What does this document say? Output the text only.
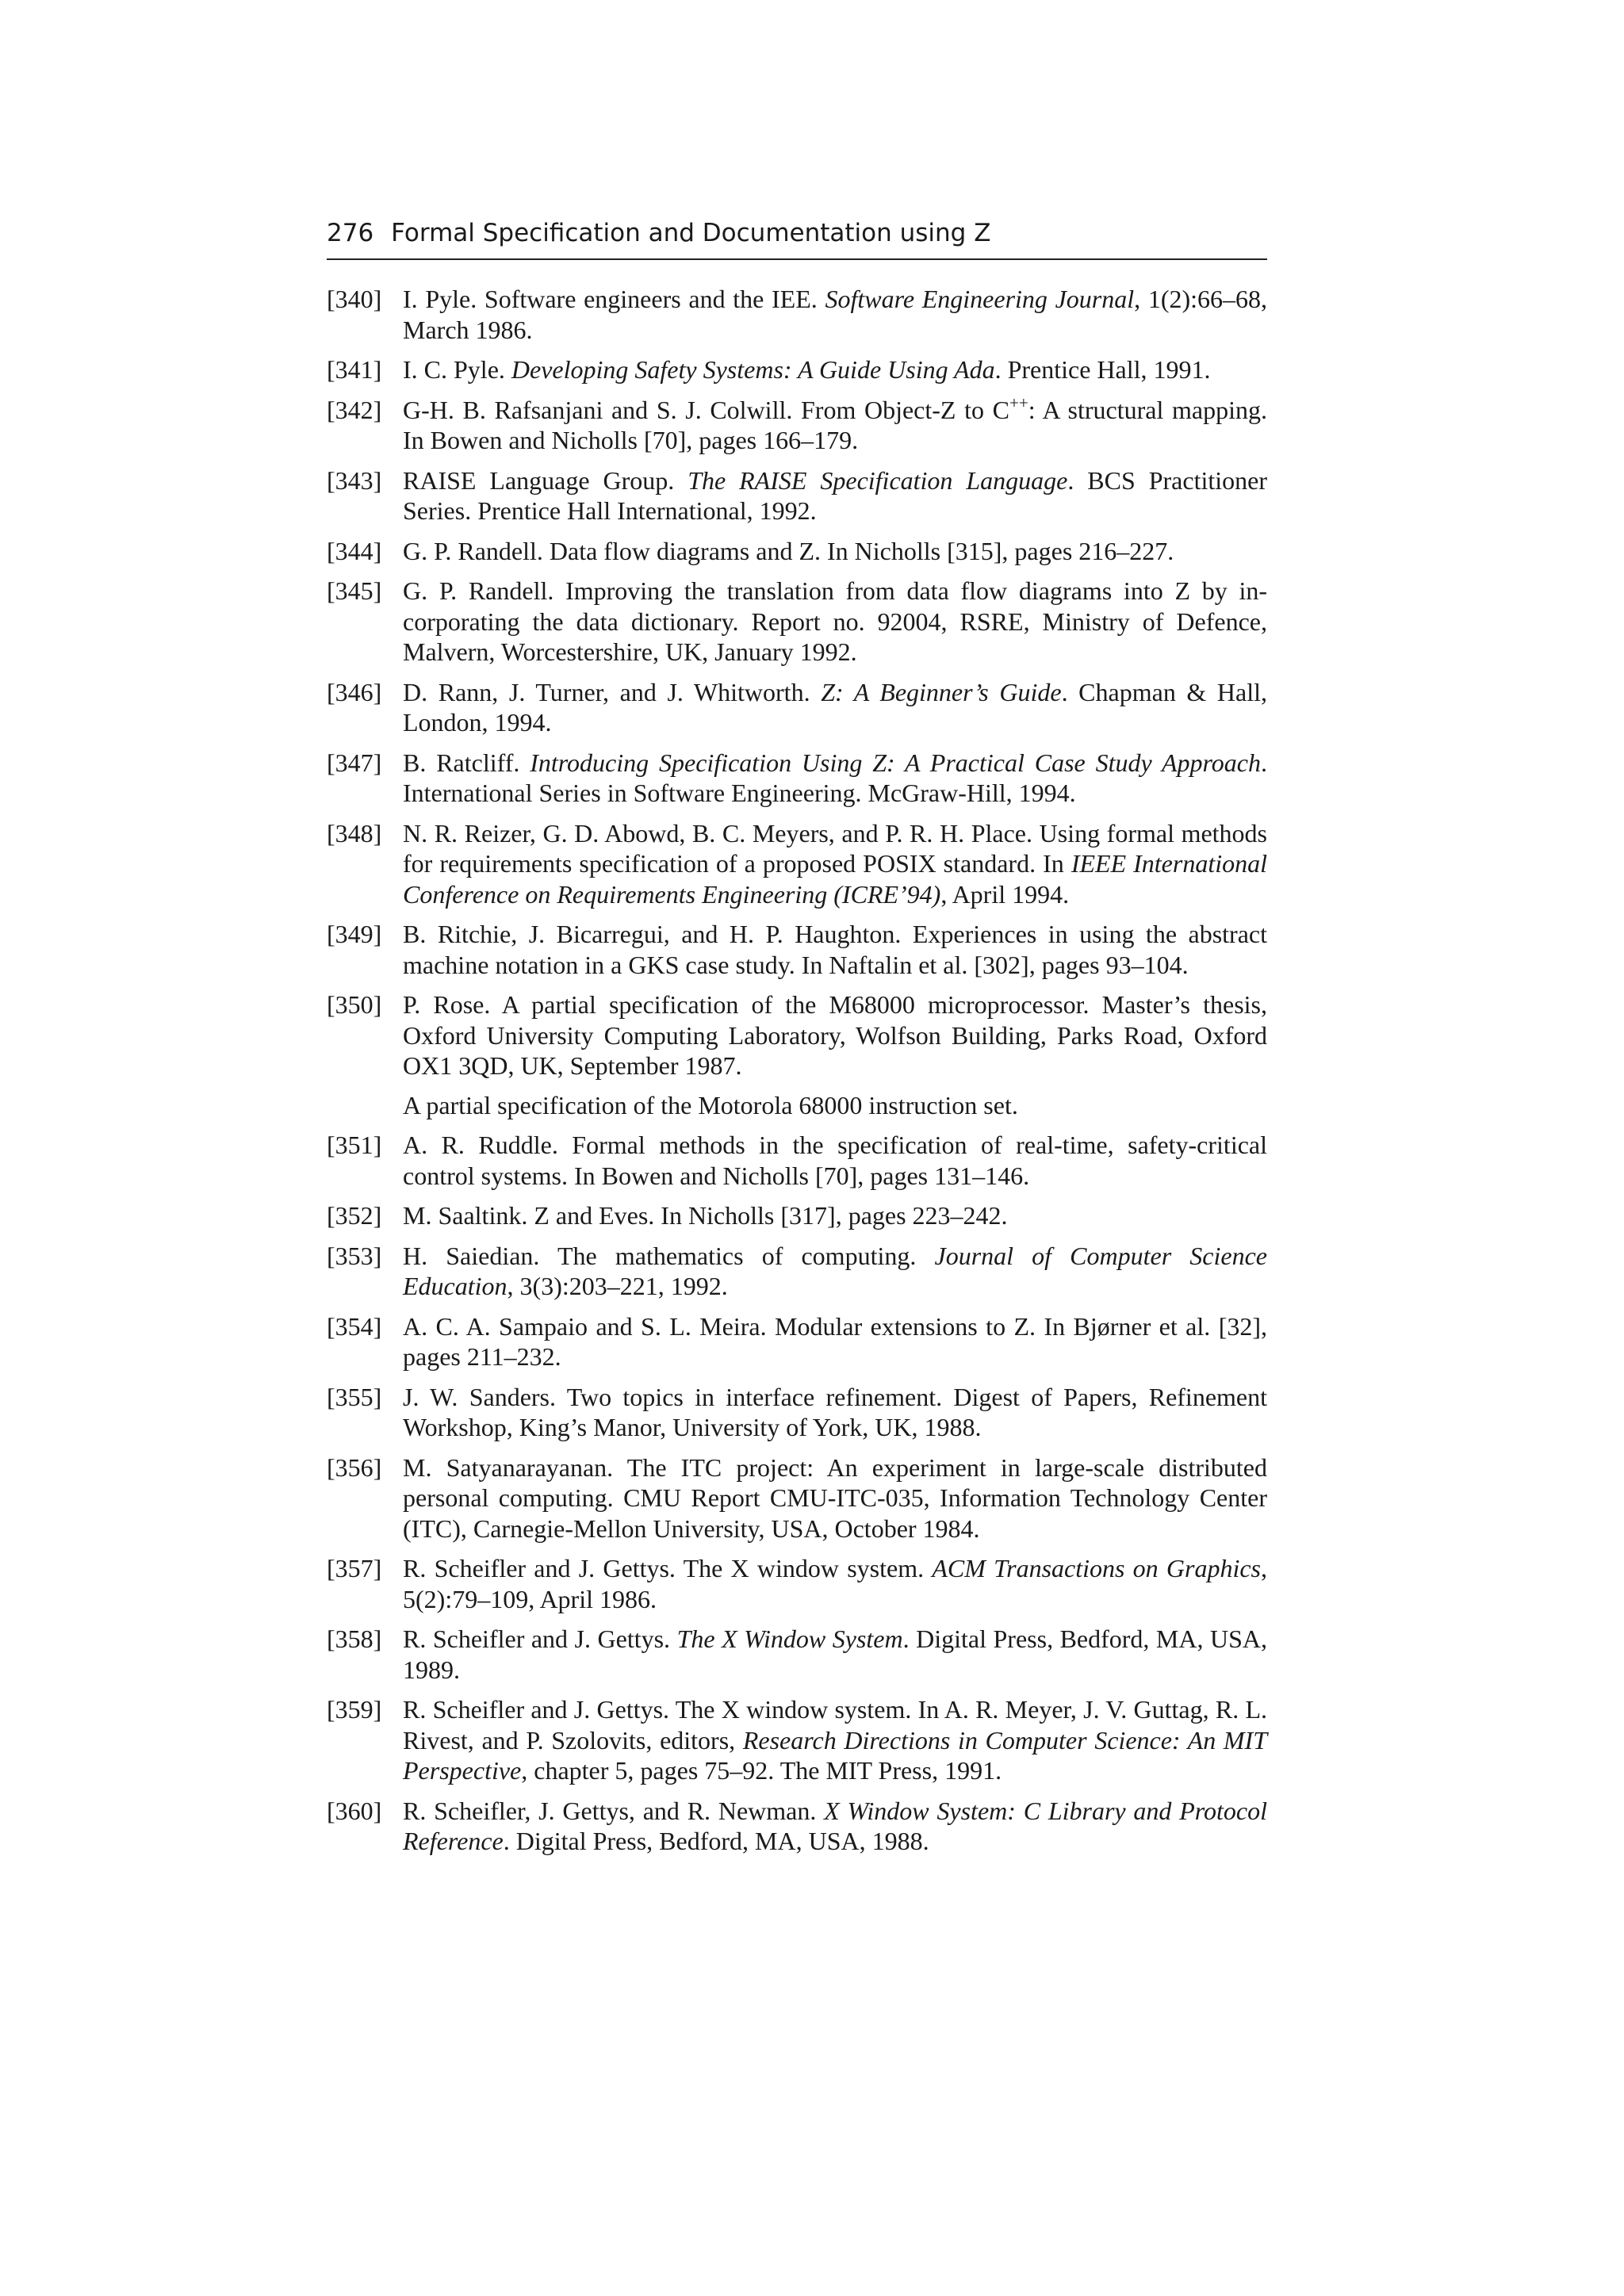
276 Formal Specification and Documentation using Z
[340] I. Pyle. Software engineers and the IEE. Software Engineering Journal, 1(2):66–68, March 1986.
[341] I. C. Pyle. Developing Safety Systems: A Guide Using Ada. Prentice Hall, 1991.
[342] G-H. B. Rafsanjani and S. J. Colwill. From Object-Z to C++: A structural mapping. In Bowen and Nicholls [70], pages 166–179.
[343] RAISE Language Group. The RAISE Specification Language. BCS Practitioner Series. Prentice Hall International, 1992.
[344] G. P. Randell. Data flow diagrams and Z. In Nicholls [315], pages 216–227.
[345] G. P. Randell. Improving the translation from data flow diagrams into Z by incorporating the data dictionary. Report no. 92004, RSRE, Ministry of Defence, Malvern, Worcestershire, UK, January 1992.
[346] D. Rann, J. Turner, and J. Whitworth. Z: A Beginner’s Guide. Chapman & Hall, London, 1994.
[347] B. Ratcliff. Introducing Specification Using Z: A Practical Case Study Approach. International Series in Software Engineering. McGraw-Hill, 1994.
[348] N. R. Reizer, G. D. Abowd, B. C. Meyers, and P. R. H. Place. Using formal methods for requirements specification of a proposed POSIX standard. In IEEE International Conference on Requirements Engineering (ICRE’94), April 1994.
[349] B. Ritchie, J. Bicarregui, and H. P. Haughton. Experiences in using the abstract machine notation in a GKS case study. In Naftalin et al. [302], pages 93–104.
[350] P. Rose. A partial specification of the M68000 microprocessor. Master’s thesis, Oxford University Computing Laboratory, Wolfson Building, Parks Road, Oxford OX1 3QD, UK, September 1987.
A partial specification of the Motorola 68000 instruction set.
[351] A. R. Ruddle. Formal methods in the specification of real-time, safety-critical control systems. In Bowen and Nicholls [70], pages 131–146.
[352] M. Saaltink. Z and Eves. In Nicholls [317], pages 223–242.
[353] H. Saiedian. The mathematics of computing. Journal of Computer Science Education, 3(3):203–221, 1992.
[354] A. C. A. Sampaio and S. L. Meira. Modular extensions to Z. In Bjørner et al. [32], pages 211–232.
[355] J. W. Sanders. Two topics in interface refinement. Digest of Papers, Refinement Workshop, King’s Manor, University of York, UK, 1988.
[356] M. Satyanarayanan. The ITC project: An experiment in large-scale distributed personal computing. CMU Report CMU-ITC-035, Information Technology Center (ITC), Carnegie-Mellon University, USA, October 1984.
[357] R. Scheifler and J. Gettys. The X window system. ACM Transactions on Graphics, 5(2):79–109, April 1986.
[358] R. Scheifler and J. Gettys. The X Window System. Digital Press, Bedford, MA, USA, 1989.
[359] R. Scheifler and J. Gettys. The X window system. In A. R. Meyer, J. V. Guttag, R. L. Rivest, and P. Szolovits, editors, Research Directions in Computer Science: An MIT Perspective, chapter 5, pages 75–92. The MIT Press, 1991.
[360] R. Scheifler, J. Gettys, and R. Newman. X Window System: C Library and Protocol Reference. Digital Press, Bedford, MA, USA, 1988.
